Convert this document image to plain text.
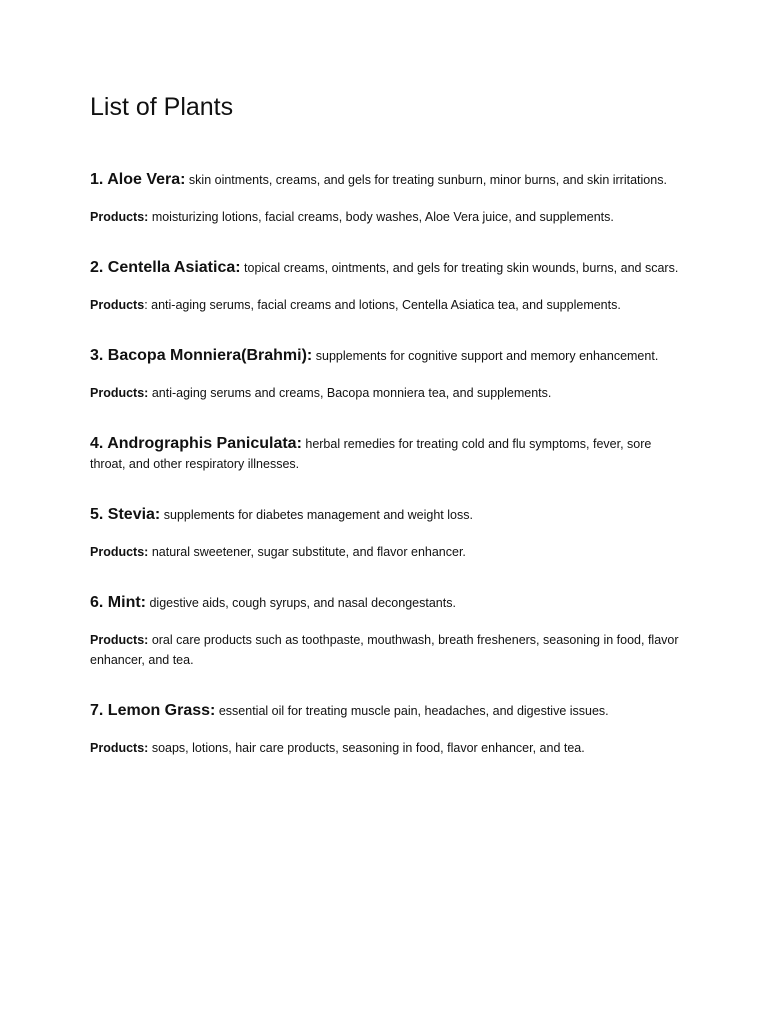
List of Plants

1. Aloe Vera: skin ointments, creams, and gels for treating sunburn, minor burns, and skin irritations.

Products: moisturizing lotions, facial creams, body washes, Aloe Vera juice, and supplements.

2. Centella Asiatica: topical creams, ointments, and gels for treating skin wounds, burns, and scars.

Products: anti-aging serums, facial creams and lotions, Centella Asiatica tea, and supplements.

3. Bacopa Monniera(Brahmi): supplements for cognitive support and memory enhancement.

Products: anti-aging serums and creams, Bacopa monniera tea, and supplements.

4. Andrographis Paniculata: herbal remedies for treating cold and flu symptoms, fever, sore throat, and other respiratory illnesses.

5. Stevia: supplements for diabetes management and weight loss.

Products: natural sweetener, sugar substitute, and flavor enhancer.

6. Mint: digestive aids, cough syrups, and nasal decongestants.

Products: oral care products such as toothpaste, mouthwash, breath fresheners, seasoning in food, flavor enhancer, and tea.

7. Lemon Grass: essential oil for treating muscle pain, headaches, and digestive issues.

Products: soaps, lotions, hair care products, seasoning in food, flavor enhancer, and tea.
